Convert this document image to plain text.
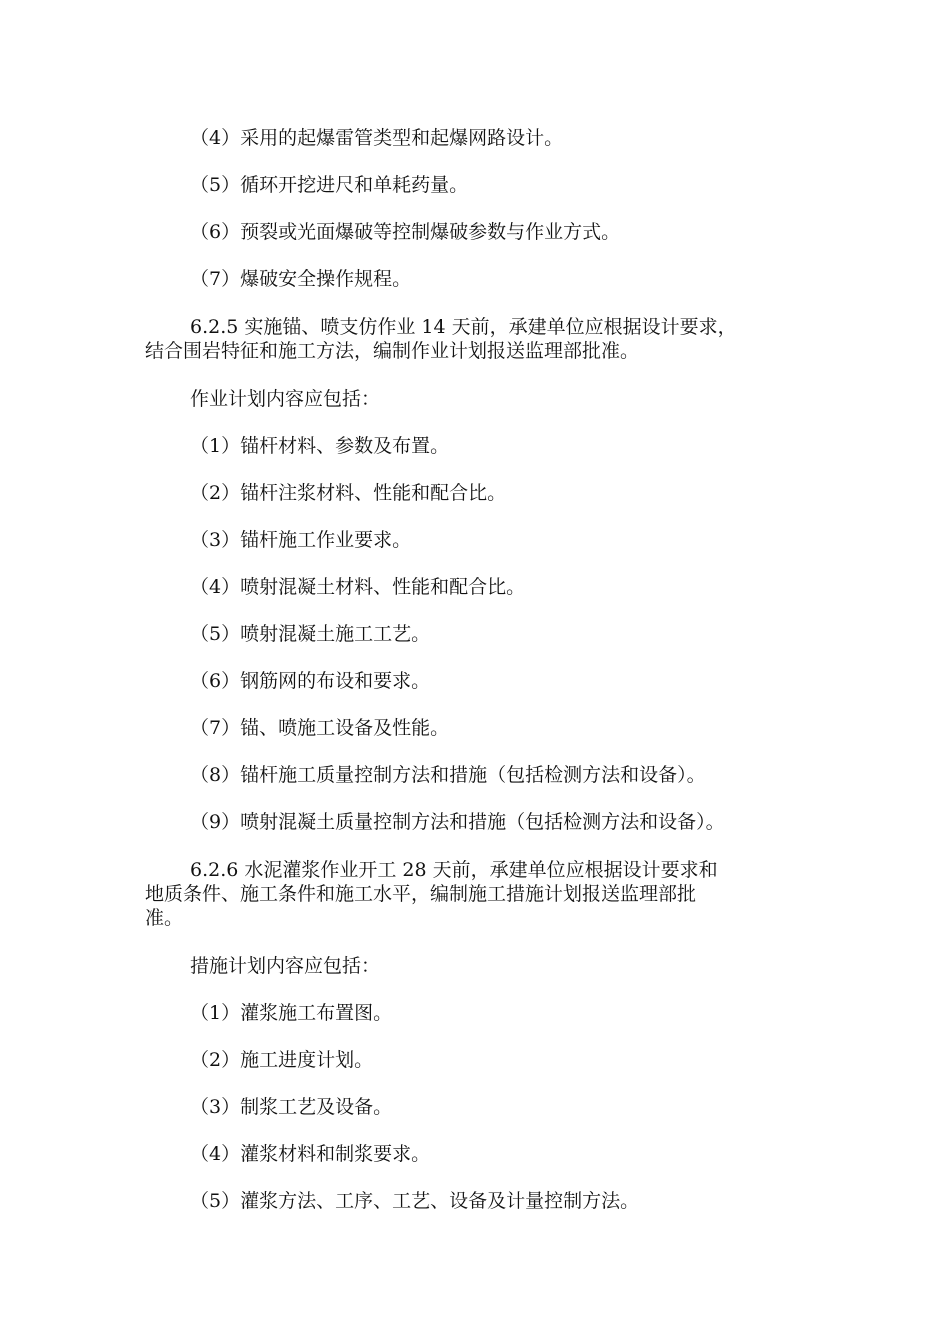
（4）采用的起爆雷管类型和起爆网路设计。

（5）循环开挖进尺和单耗药量。

（6）预裂或光面爆破等控制爆破参数与作业方式。

（7）爆破安全操作规程。

6.2.5 实施锚、喷支仿作业 14 天前，承建单位应根据设计要求，

结合围岩特征和施工方法，编制作业计划报送监理部批准。

作业计划内容应包括：

（1）锚杆材料、参数及布置。

（2）锚杆注浆材料、性能和配合比。

（3）锚杆施工作业要求。

（4）喷射混凝土材料、性能和配合比。

（5）喷射混凝土施工工艺。

（6）钢筋网的布设和要求。

（7）锚、喷施工设备及性能。

（8）锚杆施工质量控制方法和措施（包括检测方法和设备）。

（9）喷射混凝土质量控制方法和措施（包括检测方法和设备）。

6.2.6 水泥灌浆作业开工 28 天前，承建单位应根据设计要求和

地质条件、施工条件和施工水平，编制施工措施计划报送监理部批

准。

措施计划内容应包括：

（1）灌浆施工布置图。

（2）施工进度计划。

（3）制浆工艺及设备。

（4）灌浆材料和制浆要求。

（5）灌浆方法、工序、工艺、设备及计量控制方法。
